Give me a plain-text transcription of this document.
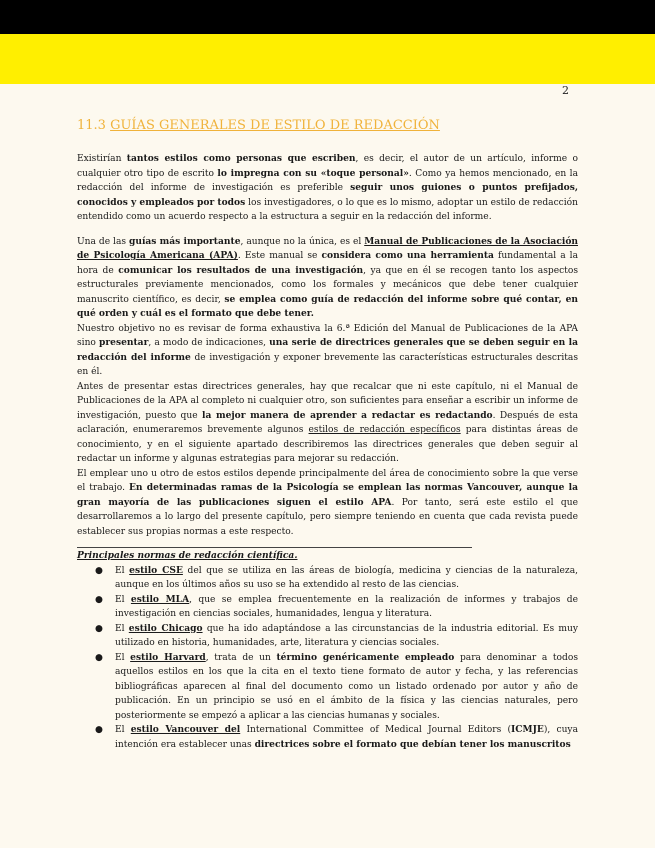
2
11.3 GUÍAS GENERALES DE ESTILO DE REDACCIÓN

Existirían tantos estilos como personas que escriben, es decir, el autor de un artículo, informe o cualquier otro tipo de escrito lo impregna con su «toque personal». Como ya hemos mencionado, en la redacción del informe de investigación es preferible seguir unos guiones o puntos prefijados, conocidos y empleados por todos los investigadores, o lo que es lo mismo, adoptar un estilo de redacción entendido como un acuerdo respecto a la estructura a seguir en la redacción del informe.

Una de las guías más importante, aunque no la única, es el Manual de Publicaciones de la Asociación de Psicología Americana (APA). Este manual se considera como una herramienta fundamental a la hora de comunicar los resultados de una investigación, ya que en él se recogen tanto los aspectos estructurales previamente mencionados, como los formales y mecánicos que debe tener cualquier manuscrito científico, es decir, se emplea como guía de redacción del informe sobre qué contar, en qué orden y cuál es el formato que debe tener.

Nuestro objetivo no es revisar de forma exhaustiva la 6.ª Edición del Manual de Publicaciones de la APA sino presentar, a modo de indicaciones, una serie de directrices generales que se deben seguir en la redacción del informe de investigación y exponer brevemente las características estructurales descritas en él.

Antes de presentar estas directrices generales, hay que recalcar que ni este capítulo, ni el Manual de Publicaciones de la APA al completo ni cualquier otro, son suficientes para enseñar a escribir un informe de investigación, puesto que la mejor manera de aprender a redactar es redactando. Después de esta aclaración, enumeraremos brevemente algunos estilos de redacción específicos para distintas áreas de conocimiento, y en el siguiente apartado describiremos las directrices generales que deben seguir al redactar un informe y algunas estrategias para mejorar su redacción.

El emplear uno u otro de estos estilos depende principalmente del área de conocimiento sobre la que verse el trabajo. En determinadas ramas de la Psicología se emplean las normas Vancouver, aunque la gran mayoría de las publicaciones siguen el estilo APA. Por tanto, será este estilo el que desarrollaremos a lo largo del presente capítulo, pero siempre teniendo en cuenta que cada revista puede establecer sus propias normas a este respecto.

Principales normas de redacción científica.
● El estilo CSE del que se utiliza en las áreas de biología, medicina y ciencias de la naturaleza, aunque en los últimos años su uso se ha extendido al resto de las ciencias.
● El estilo MLA, que se emplea frecuentemente en la realización de informes y trabajos de investigación en ciencias sociales, humanidades, lengua y literatura.
● El estilo Chicago que ha ido adaptándose a las circunstancias de la industria editorial. Es muy utilizado en historia, humanidades, arte, literatura y ciencias sociales.
● El estilo Harvard, trata de un término genéricamente empleado para denominar a todos aquellos estilos en los que la cita en el texto tiene formato de autor y fecha, y las referencias bibliográficas aparecen al final del documento como un listado ordenado por autor y año de publicación. En un principio se usó en el ámbito de la física y las ciencias naturales, pero posteriormente se empezó a aplicar a las ciencias humanas y sociales.
● El estilo Vancouver del International Committee of Medical Journal Editors (ICMJE), cuya intención era establecer unas directrices sobre el formato que debían tener los manuscritos
